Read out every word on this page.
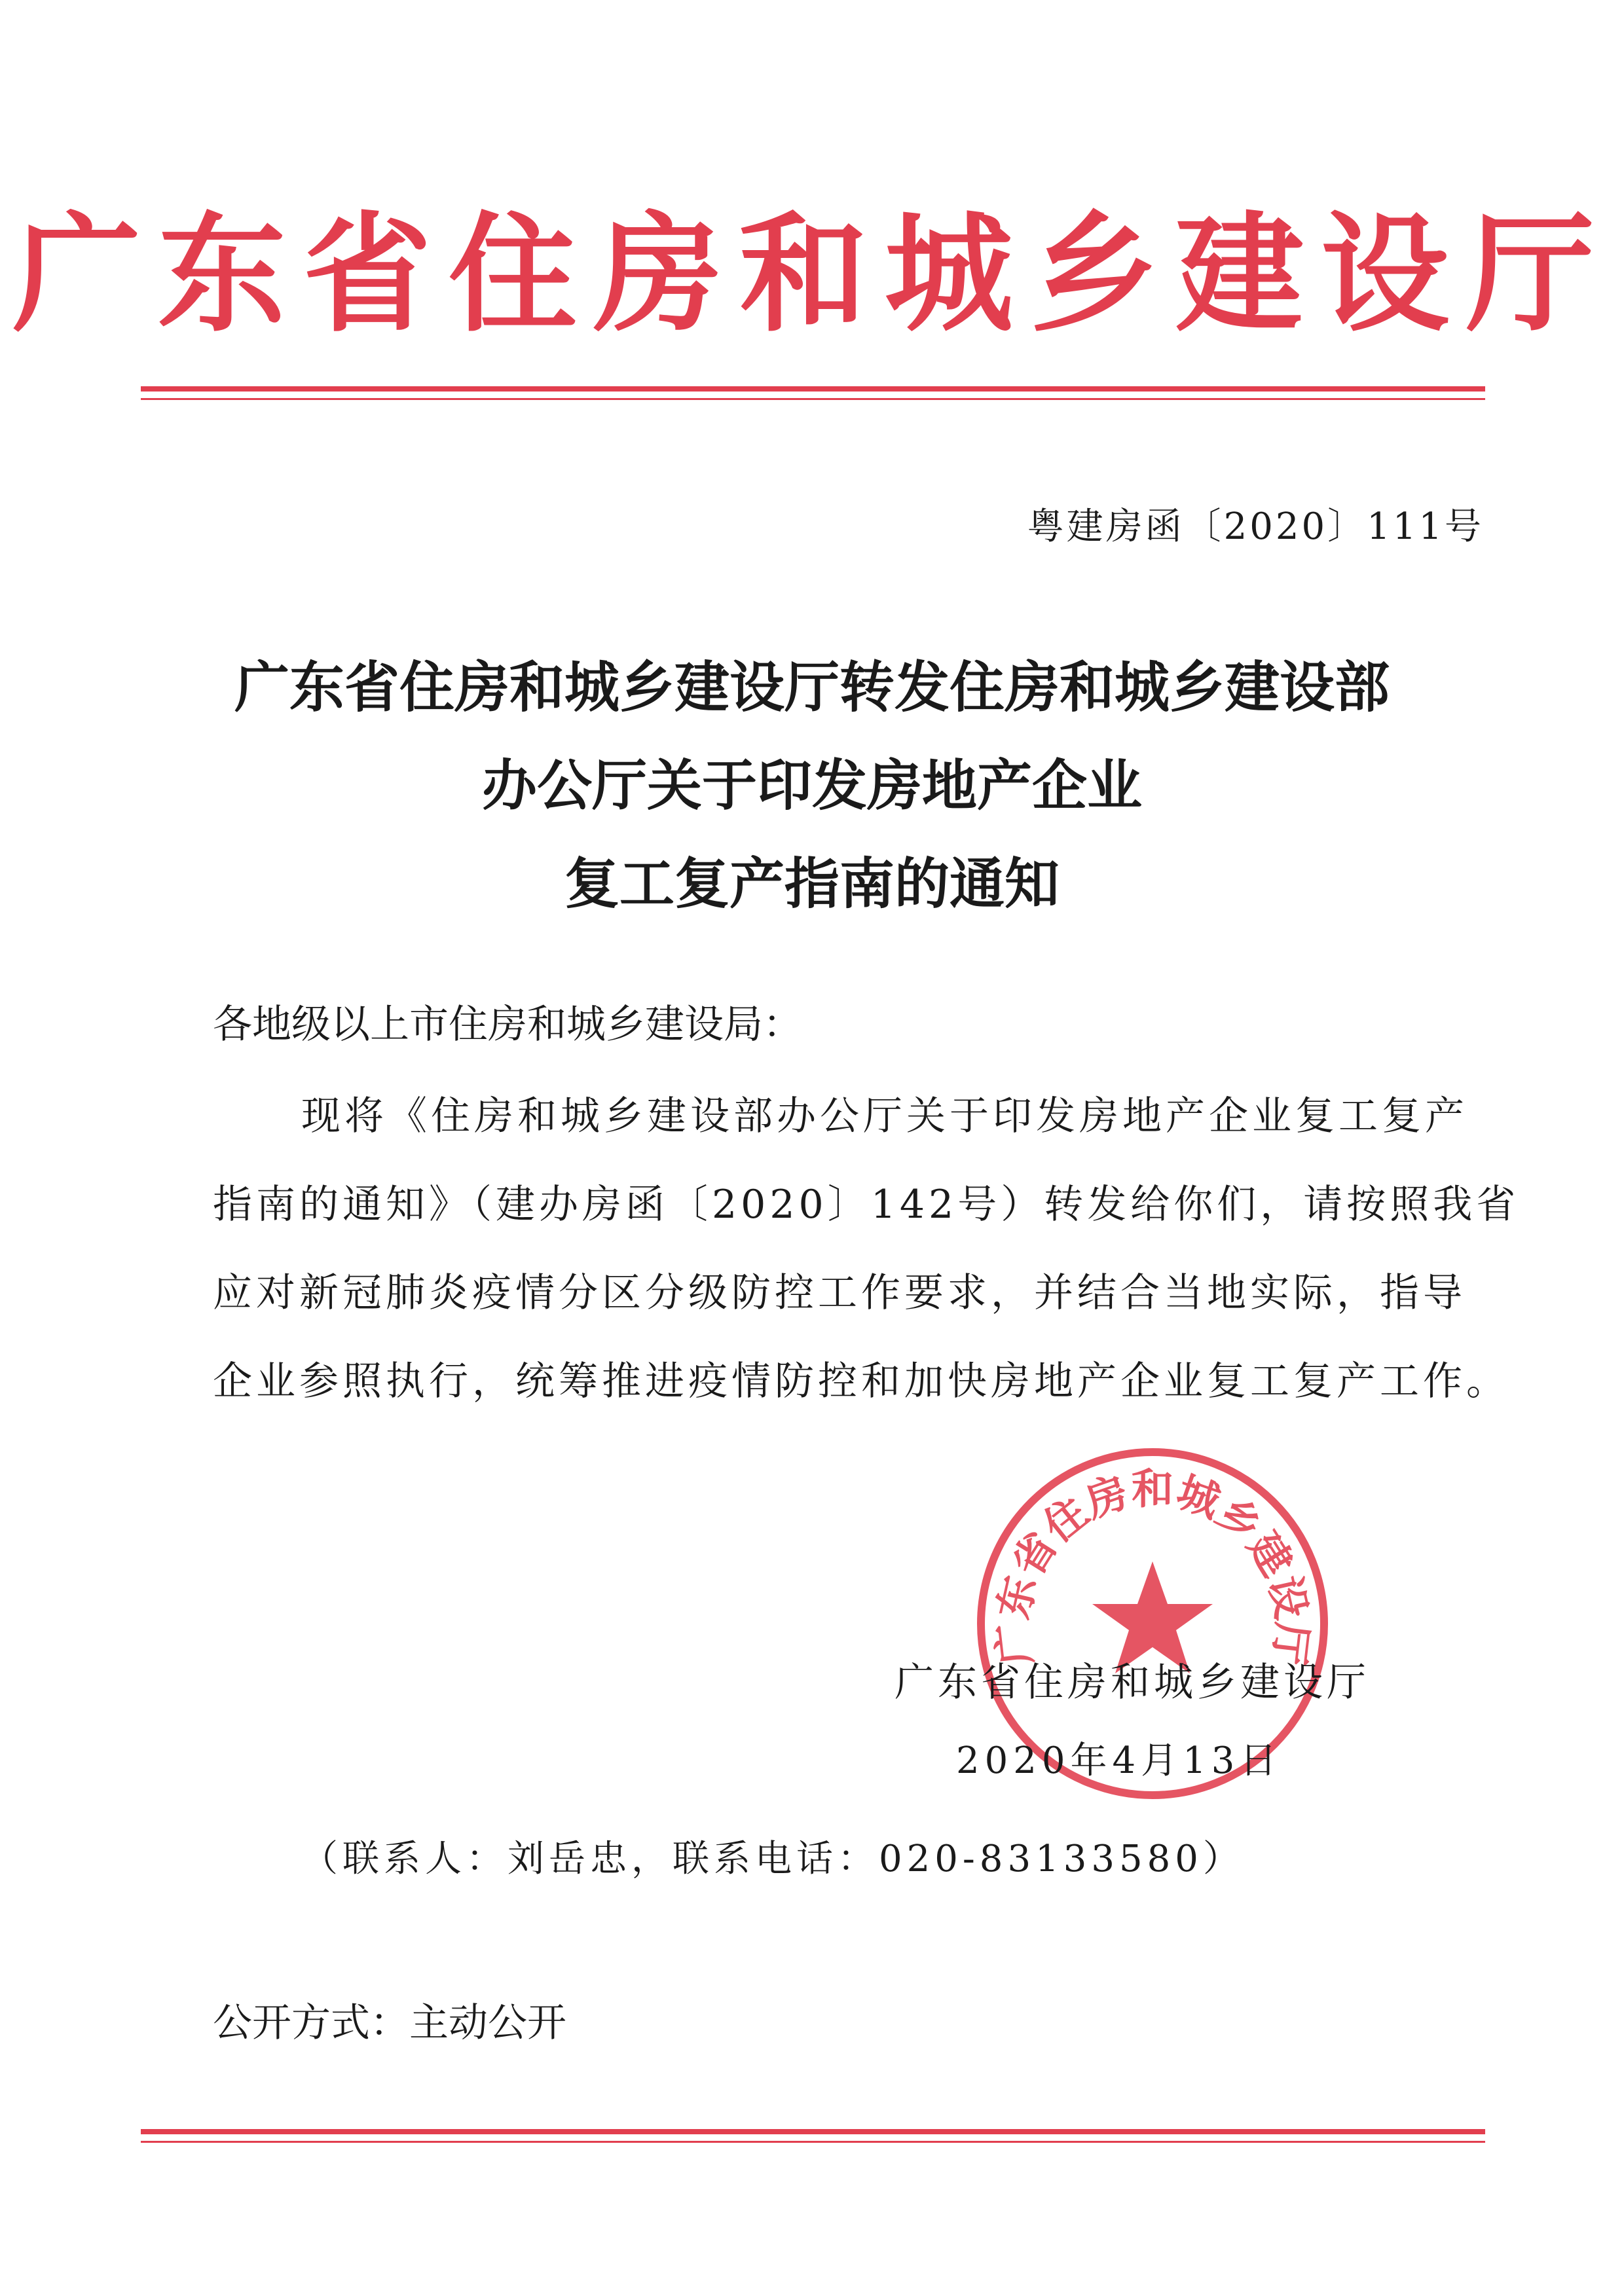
广东省住房和城乡建设厅
粤建房函〔2020〕111号
广东省住房和城乡建设厅转发住房和城乡建设部
办公厅关于印发房地产企业
复工复产指南的通知
各地级以上市住房和城乡建设局：
现将《住房和城乡建设部办公厅关于印发房地产企业复工复产
指南的通知》（建办房函〔2020〕142号）转发给你们，请按照我省
应对新冠肺炎疫情分区分级防控工作要求，并结合当地实际，指导
企业参照执行，统筹推进疫情防控和加快房地产企业复工复产工作。
广东省住房和城乡建设厅
广东省住房和城乡建设厅
2020年4月13日
（联系人：刘岳忠，联系电话：020-83133580）
公开方式：主动公开
